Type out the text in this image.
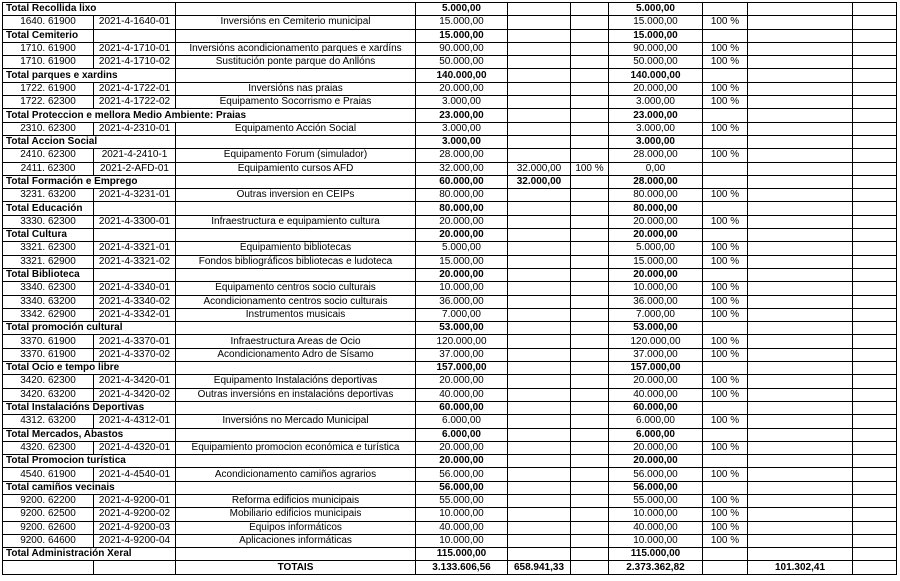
Total Recollida lixo			5.000,00			5.000,00			
1640. 61900	2021-4-1640-01	Inversións en Cemiterio municipal	15.000,00			15.000,00	100 %		
Total Cemiterio			15.000,00			15.000,00			
1710. 61900	2021-4-1710-01	Inversións acondicionamento parques e xardíns	90.000,00			90.000,00	100 %		
1710. 61900	2021-4-1710-02	Sustitución ponte parque do Anllóns	50.000,00			50.000,00	100 %		
Total parques e xardins			140.000,00			140.000,00			
1722. 61900	2021-4-1722-01	Inversións nas praias	20.000,00			20.000,00	100 %		
1722. 62300	2021-4-1722-02	Equipamento Socorrismo e Praias	3.000,00			3.000,00	100 %		
Total Proteccion e mellora Medio Ambiente: Praias			23.000,00			23.000,00			
2310. 62300	2021-4-2310-01	Equipamento Acción Social	3.000,00			3.000,00	100 %		
Total Accion Social			3.000,00			3.000,00			
2410. 62300	2021-4-2410-1	Equipamento Forum (simulador)	28.000,00			28.000,00	100 %		
2411. 62300	2021-2-AFD-01	Equipamiento cursos AFD	32.000,00	32.000,00	100 %	0,00			
Total Formación e Emprego			60.000,00	32.000,00		28.000,00			
3231. 63200	2021-4-3231-01	Outras inversion en CEIPs	80.000,00			80.000,00	100 %		
Total Educación			80.000,00			80.000,00			
3330. 62300	2021-4-3300-01	Infraestructura e equipamiento cultura	20.000,00			20.000,00	100 %		
Total Cultura			20.000,00			20.000,00			
3321. 62300	2021-4-3321-01	Equipamiento bibliotecas	5.000,00			5.000,00	100 %		
3321. 62900	2021-4-3321-02	Fondos bibliográficos bibliotecas e ludoteca	15.000,00			15.000,00	100 %		
Total Biblioteca			20.000,00			20.000,00			
3340. 62300	2021-4-3340-01	Equipamento centros socio culturais	10.000,00			10.000,00	100 %		
3340. 63200	2021-4-3340-02	Acondicionamento centros socio culturais	36.000,00			36.000,00	100 %		
3342. 62900	2021-4-3342-01	Instrumentos musicais	7.000,00			7.000,00	100 %		
Total promoción cultural			53.000,00			53.000,00			
3370. 61900	2021-4-3370-01	Infraestructura Areas de Ocio	120.000,00			120.000,00	100 %		
3370. 61900	2021-4-3370-02	Acondicionamento Adro de Sísamo	37.000,00			37.000,00	100 %		
Total Ocio e tempo libre			157.000,00			157.000,00			
3420. 62300	2021-4-3420-01	Equipamento Instalacións deportivas	20.000,00			20.000,00	100 %		
3420. 63200	2021-4-3420-02	Outras inversións en instalacións deportivas	40.000,00			40.000,00	100 %		
Total Instalacións Deportivas			60.000,00			60.000,00			
4312. 63200	2021-4-4312-01	Inversións no Mercado Municipal	6.000,00			6.000,00	100 %		
Total Mercados, Abastos			6.000,00			6.000,00			
4320. 62300	2021-4-4320-01	Equipamiento promocion económica e turística	20.000,00			20.000,00	100 %		
Total Promocion turística			20.000,00			20.000,00			
4540. 61900	2021-4-4540-01	Acondicionamento camiños agrarios	56.000,00			56.000,00	100 %		
Total camiños vecinais			56.000,00			56.000,00			
9200. 62200	2021-4-9200-01	Reforma edificios municipais	55.000,00			55.000,00	100 %		
9200. 62500	2021-4-9200-02	Mobiliario edificios municipais	10.000,00			10.000,00	100 %		
9200. 62600	2021-4-9200-03	Equipos informáticos	40.000,00			40.000,00	100 %		
9200. 64600	2021-4-9200-04	Aplicaciones informáticas	10.000,00			10.000,00	100 %		
Total Administración Xeral			115.000,00			115.000,00			
		TOTAIS	3.133.606,56	658.941,33		2.373.362,82		101.302,41	
